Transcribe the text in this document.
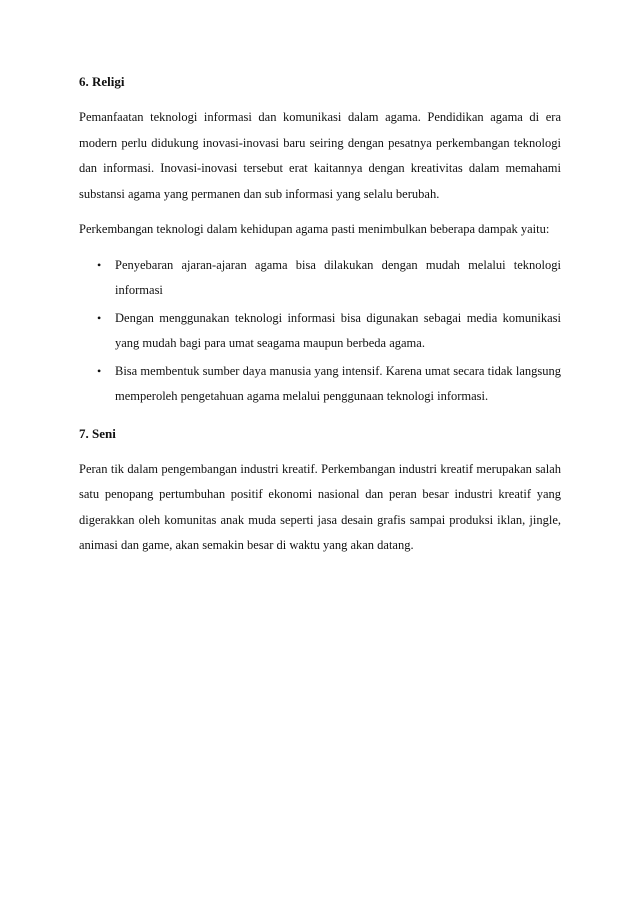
6. Religi

Pemanfaatan teknologi informasi dan komunikasi dalam agama. Pendidikan agama di era modern perlu didukung inovasi-inovasi baru seiring dengan pesatnya perkembangan teknologi dan informasi. Inovasi-inovasi tersebut erat kaitannya dengan kreativitas dalam memahami substansi agama yang permanen dan sub informasi yang selalu berubah.

Perkembangan teknologi dalam kehidupan agama pasti menimbulkan beberapa dampak yaitu:

• Penyebaran ajaran-ajaran agama bisa dilakukan dengan mudah melalui teknologi informasi
• Dengan menggunakan teknologi informasi bisa digunakan sebagai media komunikasi yang mudah bagi para umat seagama maupun berbeda agama.
• Bisa membentuk sumber daya manusia yang intensif. Karena umat secara tidak langsung memperoleh pengetahuan agama melalui penggunaan teknologi informasi.
7. Seni

Peran tik dalam pengembangan industri kreatif. Perkembangan industri kreatif merupakan salah satu penopang pertumbuhan positif ekonomi nasional dan peran besar industri kreatif yang digerakkan oleh komunitas anak muda seperti jasa desain grafis sampai produksi iklan, jingle, animasi dan game, akan semakin besar di waktu yang akan datang.
